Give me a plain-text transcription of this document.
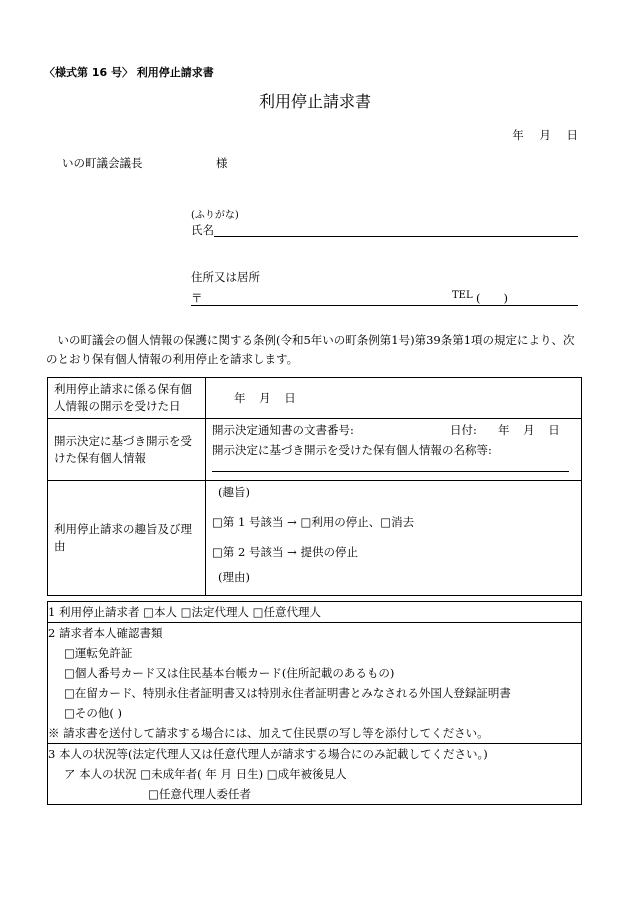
〈様式第 16 号〉 利用停止請求書
利用停止請求書
年 月 日
いの町議会議長	様
(ふりがな)
氏名
住所又は居所
〒	TEL (　　)
いの町議会の個人情報の保護に関する条例(令和5年いの町条例第1号)第39条第1項の規定により、次のとおり保有個人情報の利用停止を請求します。
利用停止請求に係る保有個人情報の開示を受けた日	年 月 日

開示決定に基づき開示を受けた保有個人情報	開示決定通知書の文書番号: 日付: 年 月 日
開示決定に基づき開示を受けた保有個人情報の名称等:

利用停止請求の趣旨及び理由	(趣旨)
□第 1 号該当 → □利用の停止、□消去
□第 2 号該当 → 提供の停止
(理由)
1 利用停止請求者 □本人 □法定代理人 □任意代理人

2 請求者本人確認書類
□運転免許証
□個人番号カード又は住民基本台帳カード(住所記載のあるもの)
□在留カード、特別永住者証明書又は特別永住者証明書とみなされる外国人登録証明書
□その他( )
※ 請求書を送付して請求する場合には、加えて住民票の写し等を添付してください。

3 本人の状況等(法定代理人又は任意代理人が請求する場合にのみ記載してください。)
ア 本人の状況 □未成年者( 年 月 日生) □成年被後見人
□任意代理人委任者
